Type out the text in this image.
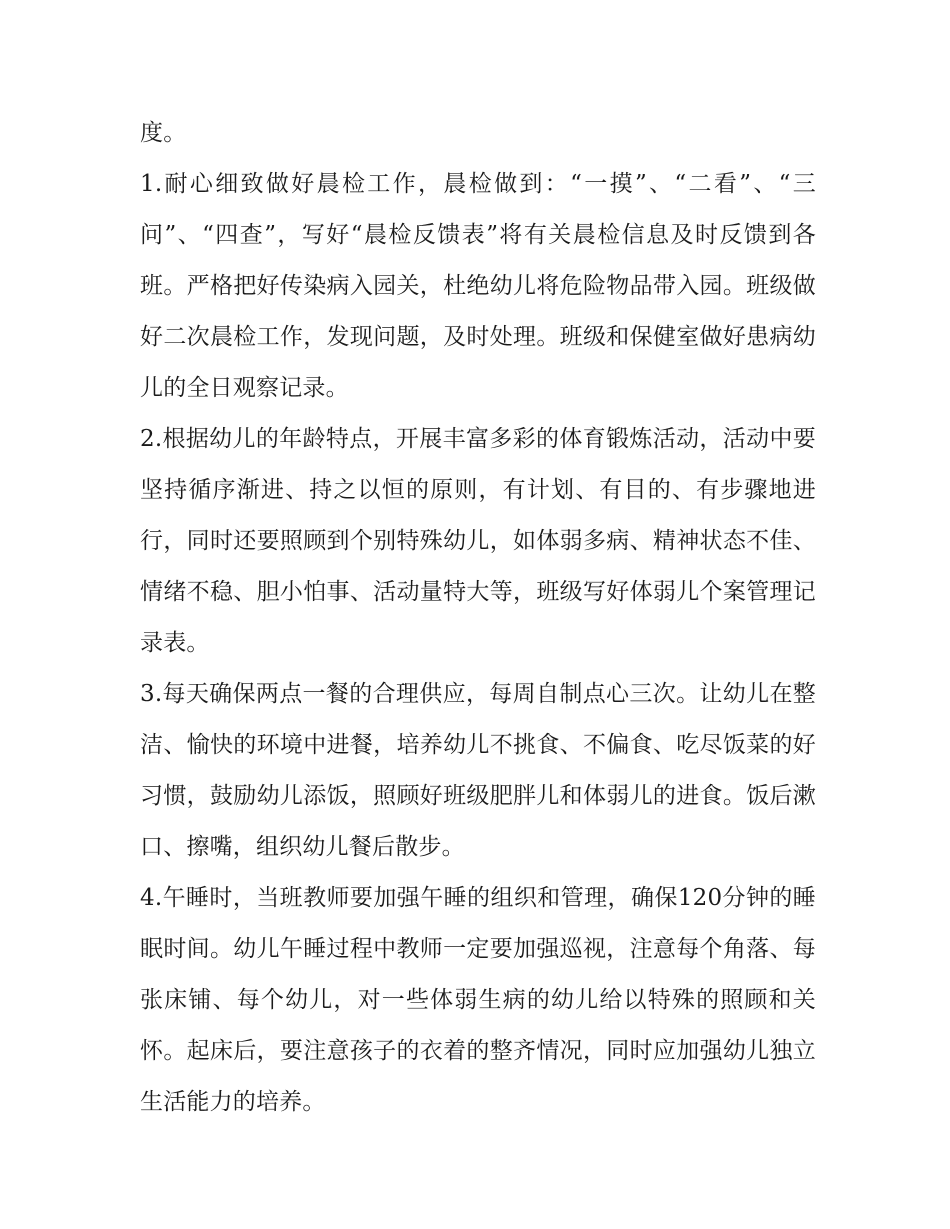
度。

1.耐心细致做好晨检工作，晨检做到：“一摸”、“二看”、“三问”、“四查”，写好“晨检反馈表”将有关晨检信息及时反馈到各班。严格把好传染病入园关，杜绝幼儿将危险物品带入园。班级做好二次晨检工作，发现问题，及时处理。班级和保健室做好患病幼儿的全日观察记录。

2.根据幼儿的年龄特点，开展丰富多彩的体育锻炼活动，活动中要坚持循序渐进、持之以恒的原则，有计划、有目的、有步骤地进行，同时还要照顾到个别特殊幼儿，如体弱多病、精神状态不佳、情绪不稳、胆小怕事、活动量特大等，班级写好体弱儿个案管理记录表。

3.每天确保两点一餐的合理供应，每周自制点心三次。让幼儿在整洁、愉快的环境中进餐，培养幼儿不挑食、不偏食、吃尽饭菜的好习惯，鼓励幼儿添饭，照顾好班级肥胖儿和体弱儿的进食。饭后漱口、擦嘴，组织幼儿餐后散步。

4.午睡时，当班教师要加强午睡的组织和管理，确保120分钟的睡眠时间。幼儿午睡过程中教师一定要加强巡视，注意每个角落、每张床铺、每个幼儿，对一些体弱生病的幼儿给以特殊的照顾和关怀。起床后，要注意孩子的衣着的整齐情况，同时应加强幼儿独立生活能力的培养。
